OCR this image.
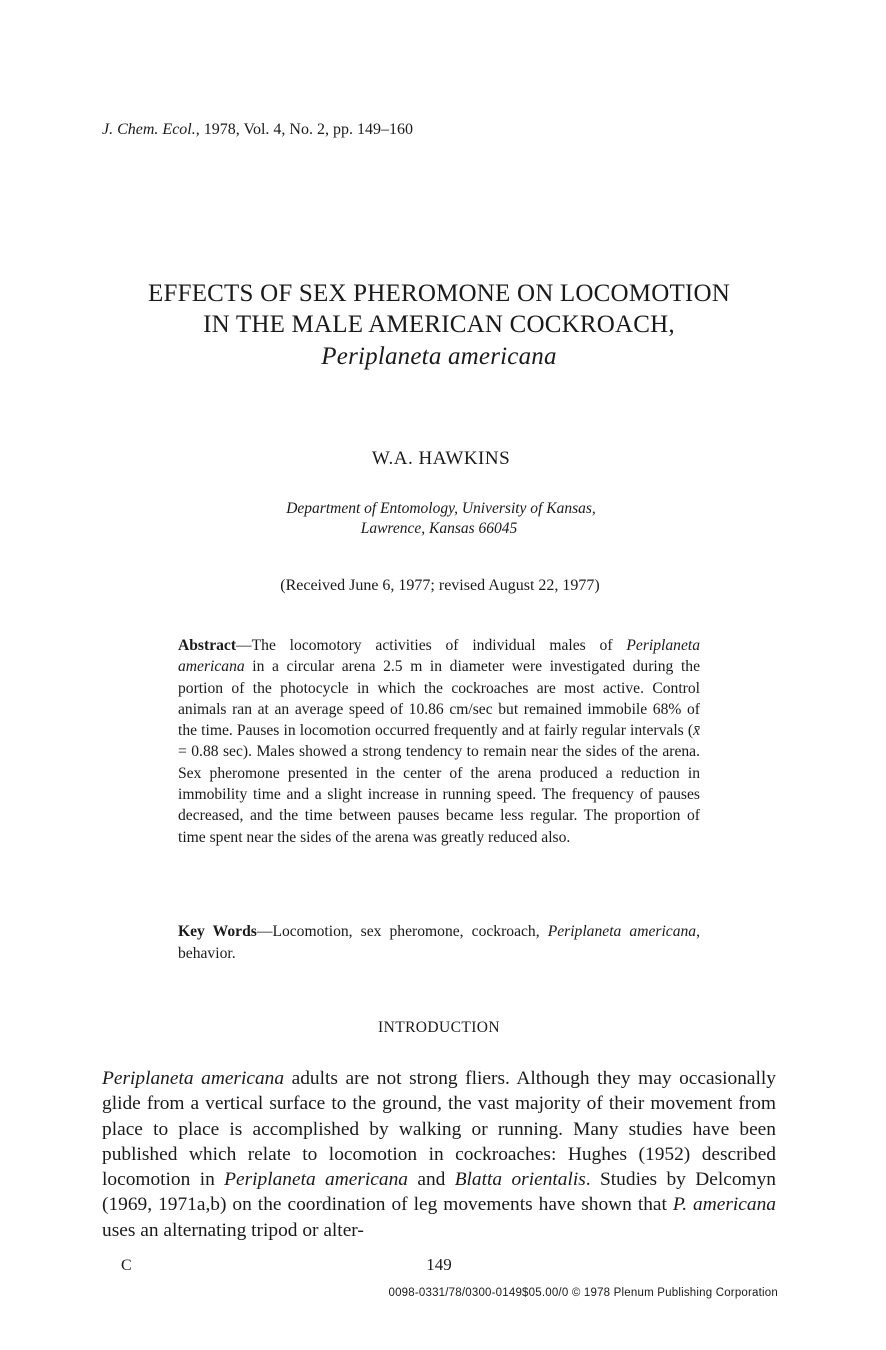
J. Chem. Ecol., 1978, Vol. 4, No. 2, pp. 149–160
EFFECTS OF SEX PHEROMONE ON LOCOMOTION
IN THE MALE AMERICAN COCKROACH,
Periplaneta americana
W.A. HAWKINS
Department of Entomology, University of Kansas,
Lawrence, Kansas 66045
(Received June 6, 1977; revised August 22, 1977)
Abstract—The locomotory activities of individual males of Periplaneta americana in a circular arena 2.5 m in diameter were investigated during the portion of the photocycle in which the cockroaches are most active. Control animals ran at an average speed of 10.86 cm/sec but remained immobile 68% of the time. Pauses in locomotion occurred frequently and at fairly regular intervals (x̄ = 0.88 sec). Males showed a strong tendency to remain near the sides of the arena. Sex pheromone presented in the center of the arena produced a reduction in immobility time and a slight increase in running speed. The frequency of pauses decreased, and the time between pauses became less regular. The proportion of time spent near the sides of the arena was greatly reduced also.
Key Words—Locomotion, sex pheromone, cockroach, Periplaneta americana, behavior.
INTRODUCTION
Periplaneta americana adults are not strong fliers. Although they may occasionally glide from a vertical surface to the ground, the vast majority of their movement from place to place is accomplished by walking or running. Many studies have been published which relate to locomotion in cockroaches: Hughes (1952) described locomotion in Periplaneta americana and Blatta orientalis. Studies by Delcomyn (1969, 1971a,b) on the coordination of leg movements have shown that P. americana uses an alternating tripod or alter-
C	149
0098-0331/78/0300-0149$05.00/0 © 1978 Plenum Publishing Corporation
